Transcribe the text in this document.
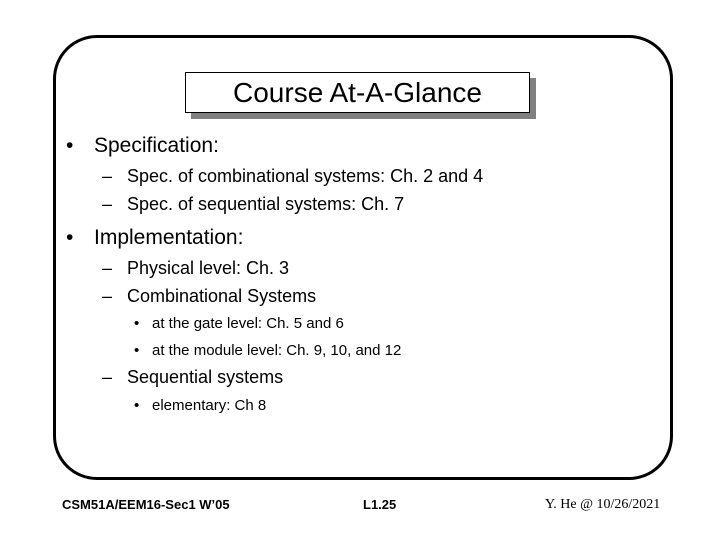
Course At-A-Glance
• Specification:
– Spec. of combinational systems: Ch. 2 and 4
– Spec. of sequential systems: Ch. 7
• Implementation:
– Physical level: Ch. 3
– Combinational Systems
• at the gate level: Ch. 5 and 6
• at the module level: Ch. 9, 10, and 12
– Sequential systems
• elementary: Ch 8
CSM51A/EEM16-Sec1 W’05	L1.25	Y. He @ 10/26/2021
